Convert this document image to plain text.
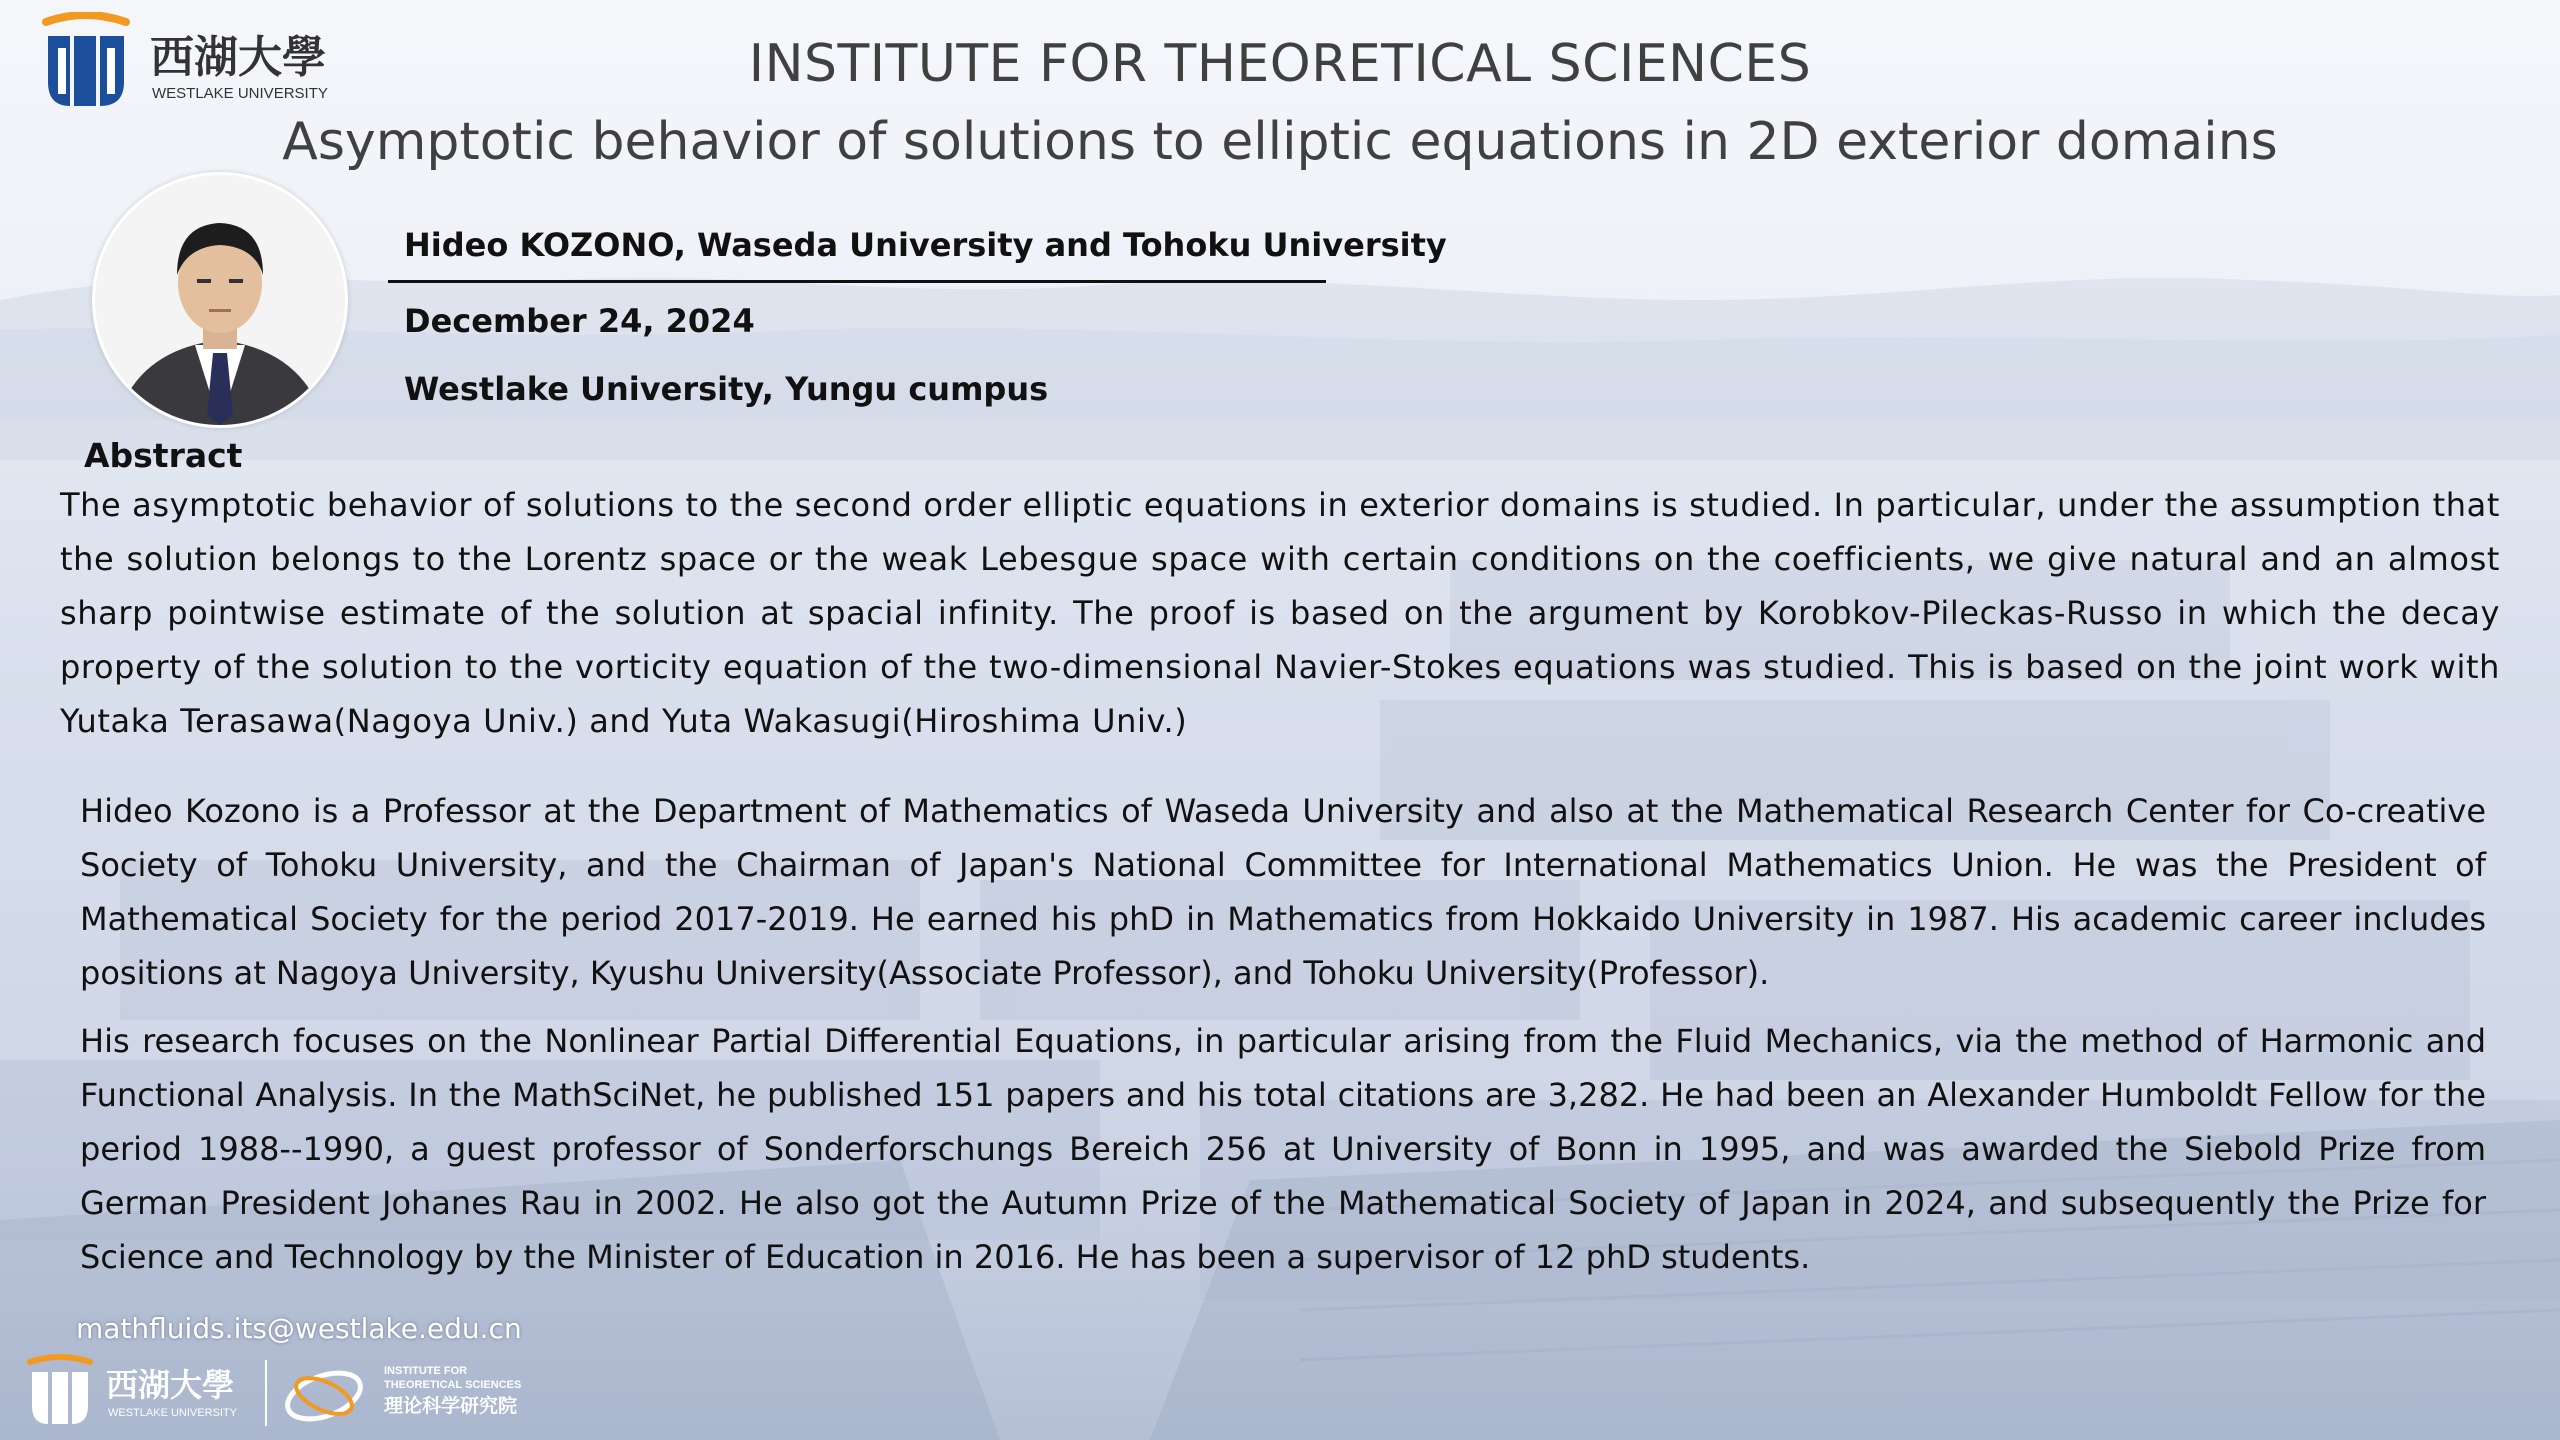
西湖大學
WESTLAKE UNIVERSITY	INSTITUTE FOR THEORETICAL SCIENCES
Asymptotic behavior of solutions to elliptic equations in 2D exterior domains
Hideo KOZONO, Waseda University and Tohoku University
December 24, 2024
Westlake University, Yungu cumpus
Abstract

The asymptotic behavior of solutions to the second order elliptic equations in exterior domains is studied. In particular, under the assumption that the solution belongs to the Lorentz space or the weak Lebesgue space with certain conditions on the coefficients, we give natural and an almost sharp pointwise estimate of the solution at spacial infinity. The proof is based on the argument by Korobkov-Pileckas-Russo in which the decay property of the solution to the vorticity equation of the two-dimensional Navier-Stokes equations was studied. This is based on the joint work with Yutaka Terasawa(Nagoya Univ.) and Yuta Wakasugi(Hiroshima Univ.)

Hideo Kozono is a Professor at the Department of Mathematics of Waseda University and also at the Mathematical Research Center for Co-creative Society of Tohoku University, and the Chairman of Japan's National Committee for International Mathematics Union. He was the President of Mathematical Society for the period 2017-2019. He earned his phD in Mathematics from Hokkaido University in 1987. His academic career includes positions at Nagoya University, Kyushu University(Associate Professor), and Tohoku University(Professor).

His research focuses on the Nonlinear Partial Differential Equations, in particular arising from the Fluid Mechanics, via the method of Harmonic and Functional Analysis. In the MathSciNet, he published 151 papers and his total citations are 3,282. He had been an Alexander Humboldt Fellow for the period 1988--1990, a guest professor of Sonderforschungs Bereich 256 at University of Bonn in 1995, and was awarded the Siebold Prize from German President Johanes Rau in 2002. He also got the Autumn Prize of the Mathematical Society of Japan in 2024, and subsequently the Prize for Science and Technology by the Minister of Education in 2016. He has been a supervisor of 12 phD students.

mathfluids.its@westlake.edu.cn
西湖大學
WESTLAKE UNIVERSITY
INSTITUTE FOR
THEORETICAL SCIENCES
理论科学研究院
